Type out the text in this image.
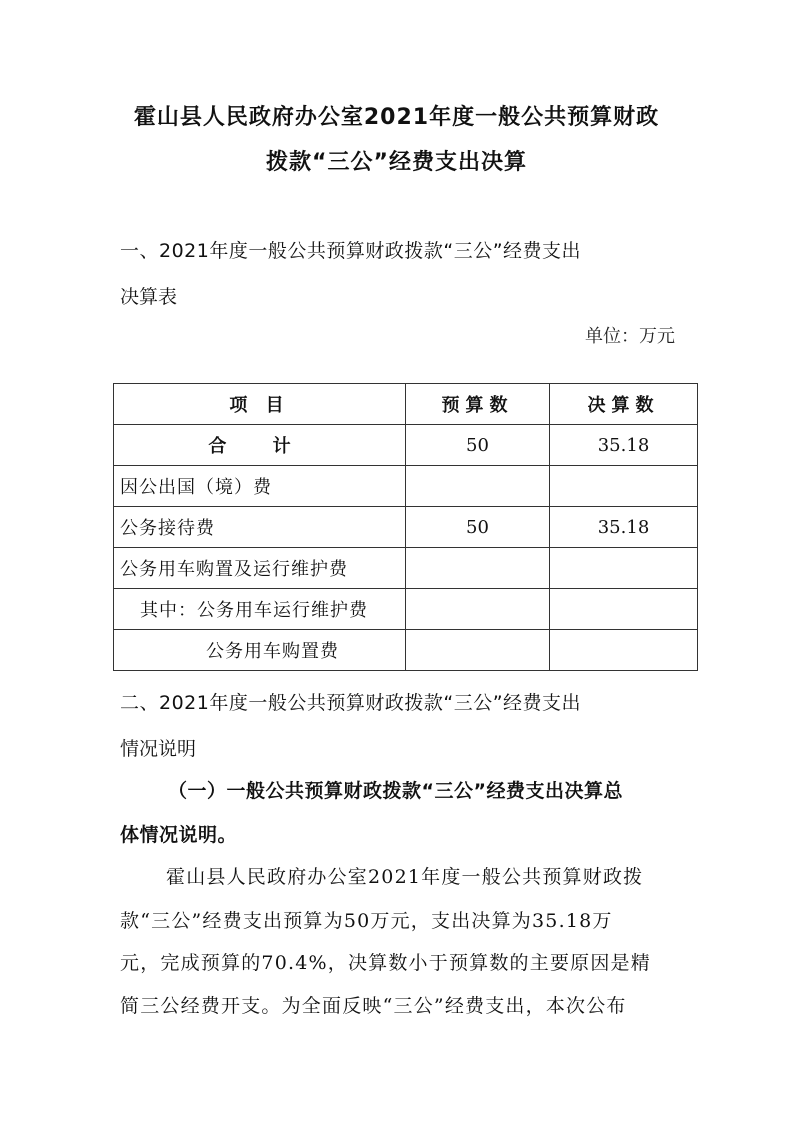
霍山县人民政府办公室2021年度一般公共预算财政
拨款“三公”经费支出决算
一、2021年度一般公共预算财政拨款“三公”经费支出
决算表
单位：万元
项 目	预算数	决算数
合 计	50	35.18
因公出国（境）费		
公务接待费	50	35.18
公务用车购置及运行维护费		
其中：公务用车运行维护费		
公务用车购置费		
二、2021年度一般公共预算财政拨款“三公”经费支出
情况说明
（一）一般公共预算财政拨款“三公”经费支出决算总
体情况说明。
霍山县人民政府办公室2021年度一般公共预算财政拨
款“三公”经费支出预算为50万元，支出决算为35.18万
元，完成预算的70.4%，决算数小于预算数的主要原因是精
简三公经费开支。为全面反映“三公”经费支出，本次公布
